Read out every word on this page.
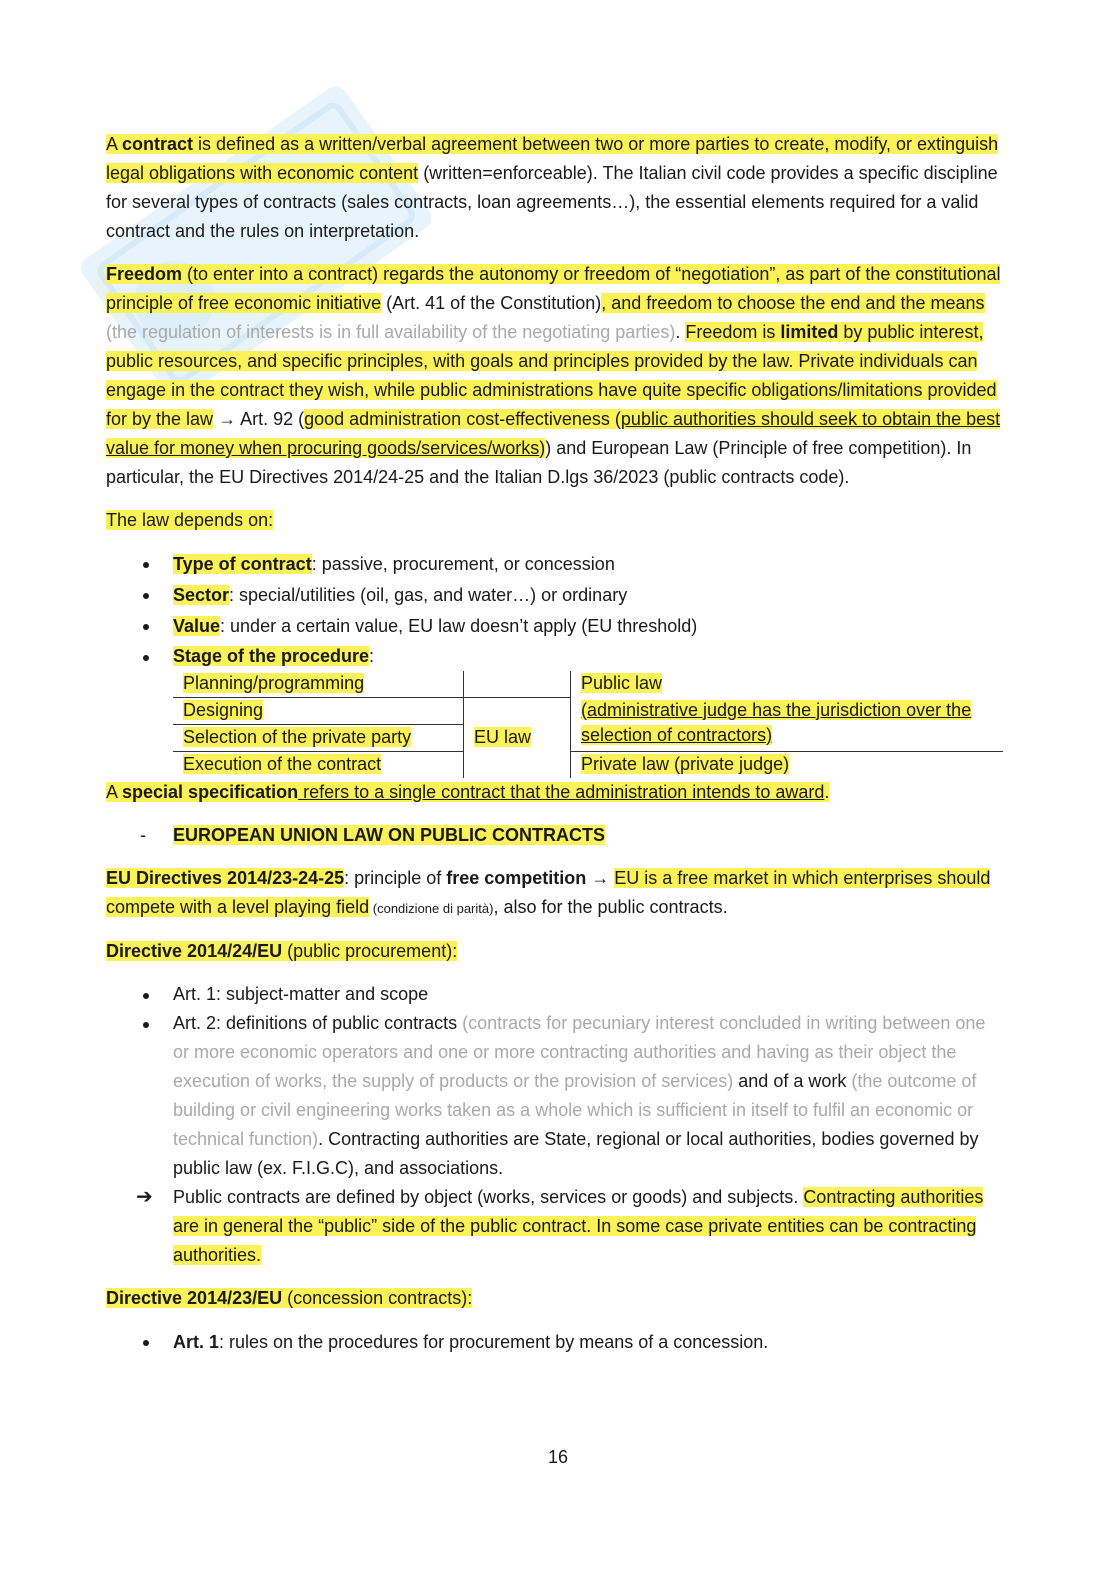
A contract is defined as a written/verbal agreement between two or more parties to create, modify, or extinguish legal obligations with economic content (written=enforceable). The Italian civil code provides a specific discipline for several types of contracts (sales contracts, loan agreements…), the essential elements required for a valid contract and the rules on interpretation.

Freedom (to enter into a contract) regards the autonomy or freedom of “negotiation”, as part of the constitutional principle of free economic initiative (Art. 41 of the Constitution), and freedom to choose the end and the means (the regulation of interests is in full availability of the negotiating parties). Freedom is limited by public interest, public resources, and specific principles, with goals and principles provided by the law. Private individuals can engage in the contract they wish, while public administrations have quite specific obligations/limitations provided for by the law → Art. 92 (good administration cost-effectiveness (public authorities should seek to obtain the best value for money when procuring goods/services/works)) and European Law (Principle of free competition). In particular, the EU Directives 2014/24-25 and the Italian D.lgs 36/2023 (public contracts code).

The law depends on:

Type of contract: passive, procurement, or concession
Sector: special/utilities (oil, gas, and water…) or ordinary
Value: under a certain value, EU law doesn’t apply (EU threshold)
Stage of the procedure:
Planning/programming		Public law
Designing		(administrative judge has the jurisdiction over the selection of contractors)
Selection of the private party	EU law	
Execution of the contract		Private law (private judge)

A special specification refers to a single contract that the administration intends to award.

- EUROPEAN UNION LAW ON PUBLIC CONTRACTS

EU Directives 2014/23-24-25: principle of free competition → EU is a free market in which enterprises should compete with a level playing field (condizione di parità), also for the public contracts.

Directive 2014/24/EU (public procurement):

Art. 1: subject-matter and scope
Art. 2: definitions of public contracts (contracts for pecuniary interest concluded in writing between one or more economic operators and one or more contracting authorities and having as their object the execution of works, the supply of products or the provision of services) and of a work (the outcome of building or civil engineering works taken as a whole which is sufficient in itself to fulfil an economic or technical function). Contracting authorities are State, regional or local authorities, bodies governed by public law (ex. F.I.G.C), and associations.
➔ Public contracts are defined by object (works, services or goods) and subjects. Contracting authorities are in general the “public” side of the public contract. In some case private entities can be contracting authorities.

Directive 2014/23/EU (concession contracts):

Art. 1: rules on the procedures for procurement by means of a concession.
16
